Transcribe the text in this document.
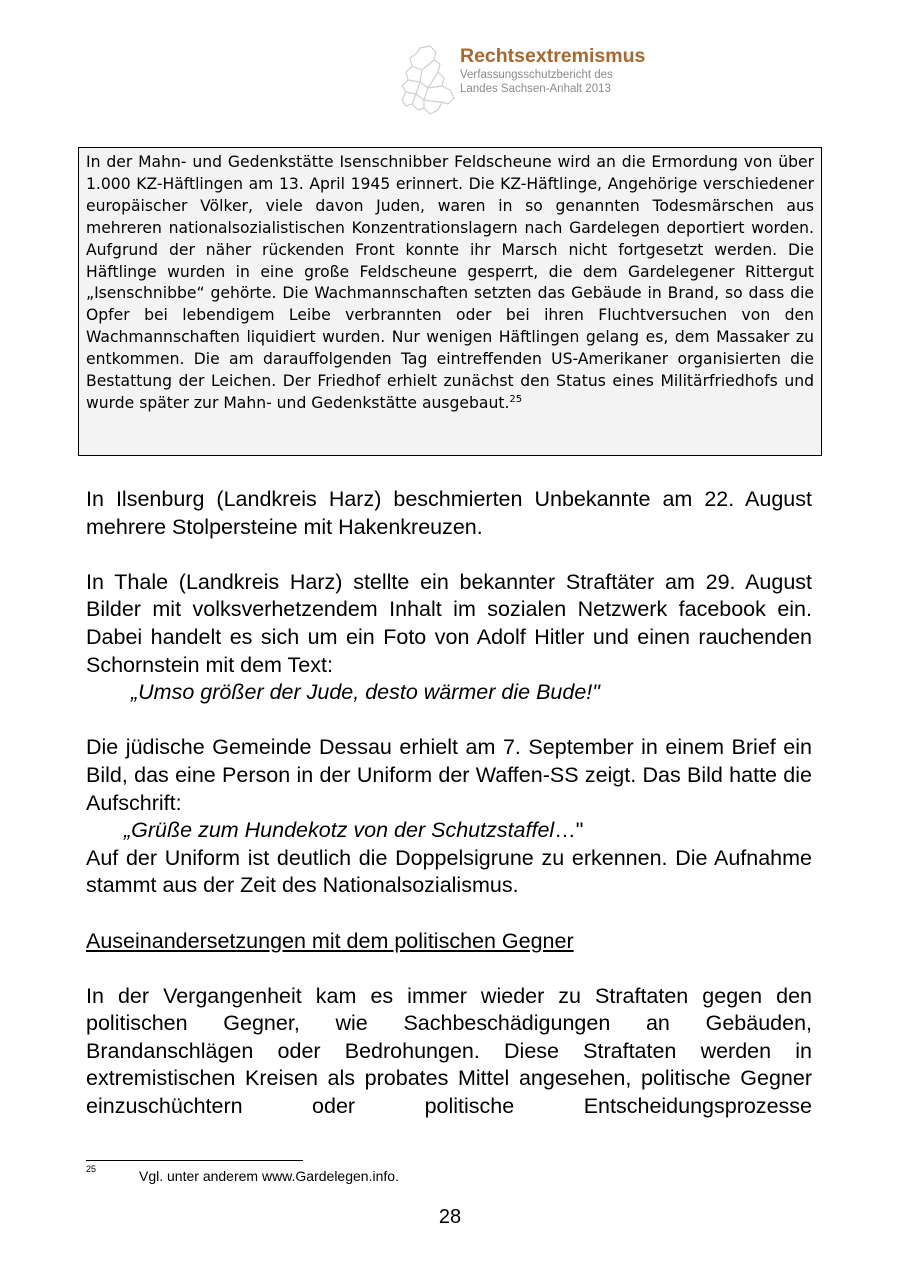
Rechtsextremismus
Verfassungsschutzbericht des
Landes Sachsen-Anhalt 2013

In der Mahn- und Gedenkstätte Isenschnibber Feldscheune wird an die Ermordung von über 1.000 KZ-Häftlingen am 13. April 1945 erinnert. Die KZ-Häftlinge, Angehörige verschiedener europäischer Völker, viele davon Juden, waren in so genannten Todesmärschen aus mehreren nationalsozialistischen Konzentrationslagern nach Gardelegen deportiert worden. Aufgrund der näher rückenden Front konnte ihr Marsch nicht fortgesetzt werden. Die Häftlinge wurden in eine große Feldscheune gesperrt, die dem Gardelegener Rittergut „Isenschnibbe“ gehörte. Die Wachmannschaften setzten das Gebäude in Brand, so dass die Opfer bei lebendigem Leibe verbrannten oder bei ihren Fluchtversuchen von den Wachmannschaften liquidiert wurden. Nur wenigen Häftlingen gelang es, dem Massaker zu entkommen. Die am darauffolgenden Tag eintreffenden US-Amerikaner organisierten die Bestattung der Leichen. Der Friedhof erhielt zunächst den Status eines Militärfriedhofs und wurde später zur Mahn- und Gedenkstätte ausgebaut.$^{25}$

In Ilsenburg (Landkreis Harz) beschmierten Unbekannte am 22. August mehrere Stolpersteine mit Hakenkreuzen.

In Thale (Landkreis Harz) stellte ein bekannter Straftäter am 29. August Bilder mit volksverhetzendem Inhalt im sozialen Netzwerk facebook ein. Dabei handelt es sich um ein Foto von Adolf Hitler und einen rauchenden Schornstein mit dem Text:

„Umso größer der Jude, desto wärmer die Bude!"

Die jüdische Gemeinde Dessau erhielt am 7. September in einem Brief ein Bild, das eine Person in der Uniform der Waffen-SS zeigt. Das Bild hatte die Aufschrift:

„Grüße zum Hundekotz von der Schutzstaffel…"

Auf der Uniform ist deutlich die Doppelsigrune zu erkennen. Die Aufnahme stammt aus der Zeit des Nationalsozialismus.

Auseinandersetzungen mit dem politischen Gegner

In der Vergangenheit kam es immer wieder zu Straftaten gegen den politischen Gegner, wie Sachbeschädigungen an Gebäuden, Brandanschlägen oder Bedrohungen. Diese Straftaten werden in extremistischen Kreisen als probates Mittel angesehen, politische Gegner einzuschüchtern oder politische Entscheidungsprozesse

25	Vgl. unter anderem www.Gardelegen.info.
28
